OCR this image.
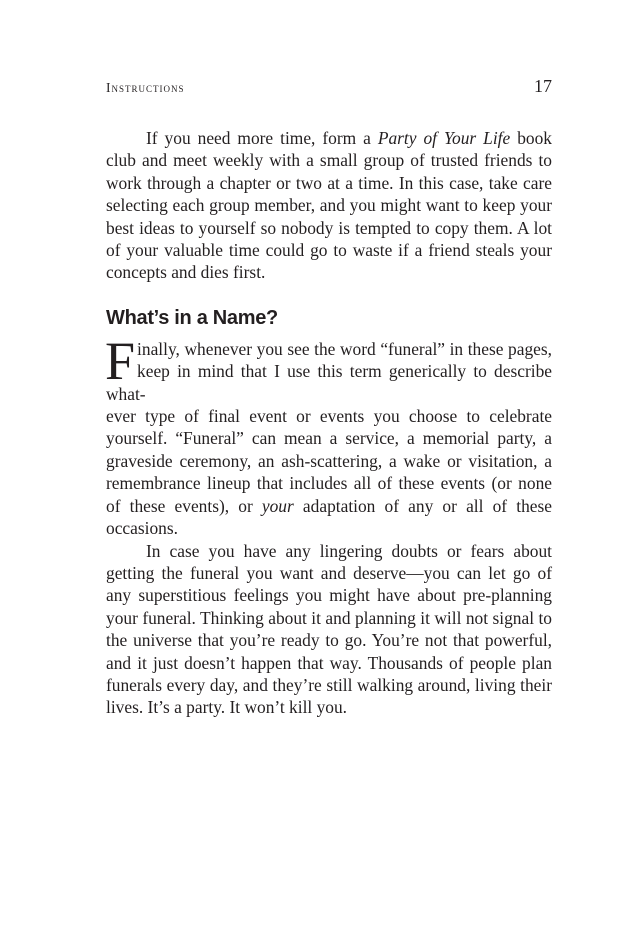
Instructions	17

If you need more time, form a Party of Your Life book club and meet weekly with a small group of trusted friends to work through a chapter or two at a time. In this case, take care selecting each group member, and you might want to keep your best ideas to yourself so nobody is tempted to copy them. A lot of your valuable time could go to waste if a friend steals your concepts and dies first.

What’s in a Name?

F inally, whenever you see the word “funeral” in these pages,
keep in mind that I use this term generically to describe what-
ever type of final event or events you choose to celebrate yourself. “Funeral” can mean a service, a memorial party, a graveside ceremony, an ash-scattering, a wake or visitation, a remembrance lineup that includes all of these events (or none of these events), or your adaptation of any or all of these occasions.

In case you have any lingering doubts or fears about getting the funeral you want and deserve—you can let go of any superstitious feelings you might have about pre-planning your funeral. Thinking about it and planning it will not signal to the universe that you’re ready to go. You’re not that powerful, and it just doesn’t happen that way. Thousands of people plan funerals every day, and they’re still walking around, living their lives. It’s a party. It won’t kill you.
